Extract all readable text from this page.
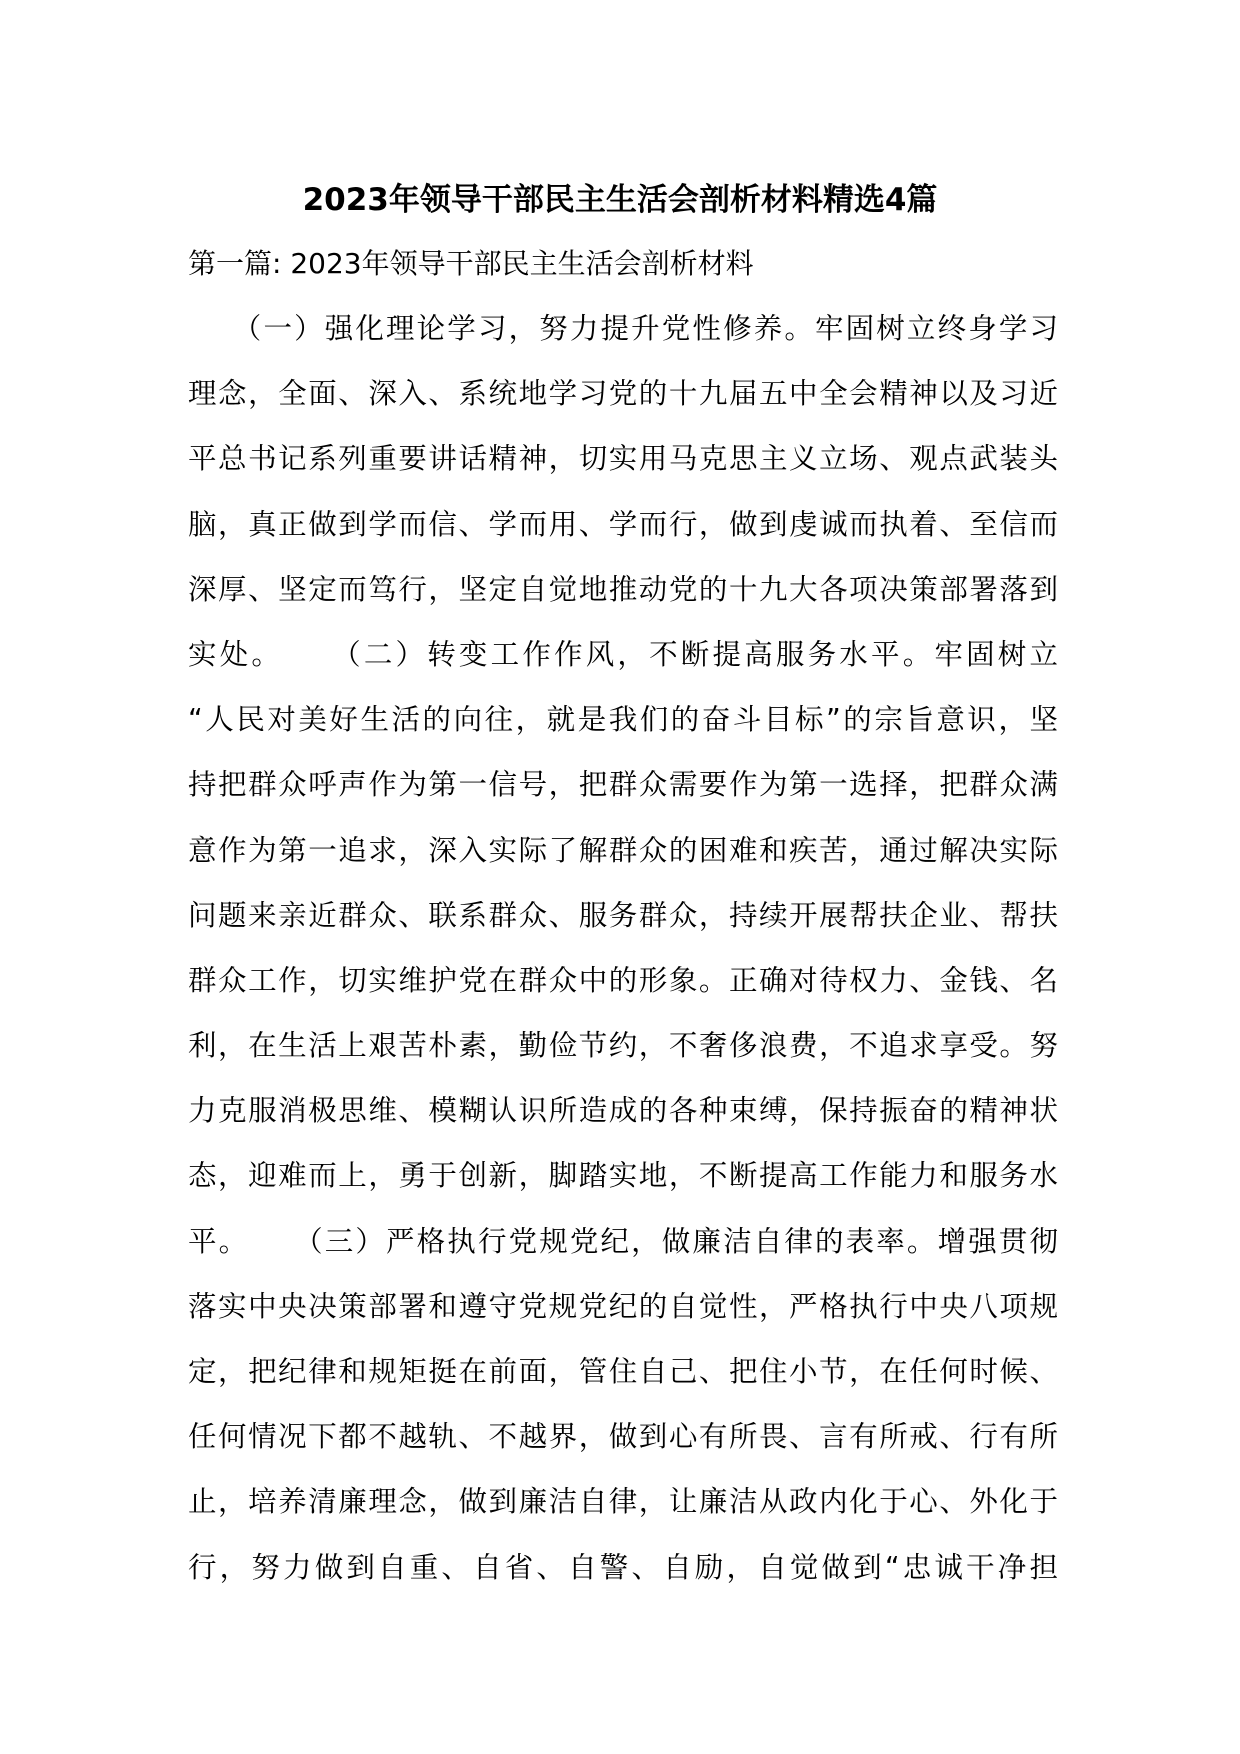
2023年领导干部民主生活会剖析材料精选4篇
第一篇: 2023年领导干部民主生活会剖析材料
（一）强化理论学习，努力提升党性修养。牢固树立终身学习
理念，全面、深入、系统地学习党的十九届五中全会精神以及习近
平总书记系列重要讲话精神，切实用马克思主义立场、观点武装头
脑，真正做到学而信、学而用、学而行，做到虔诚而执着、至信而
深厚、坚定而笃行，坚定自觉地推动党的十九大各项决策部署落到
实处。    （二）转变工作作风，不断提高服务水平。牢固树立
“人民对美好生活的向往，就是我们的奋斗目标”的宗旨意识，坚
持把群众呼声作为第一信号，把群众需要作为第一选择，把群众满
意作为第一追求，深入实际了解群众的困难和疾苦，通过解决实际
问题来亲近群众、联系群众、服务群众，持续开展帮扶企业、帮扶
群众工作，切实维护党在群众中的形象。正确对待权力、金钱、名
利，在生活上艰苦朴素，勤俭节约，不奢侈浪费，不追求享受。努
力克服消极思维、模糊认识所造成的各种束缚，保持振奋的精神状
态，迎难而上，勇于创新，脚踏实地，不断提高工作能力和服务水
平。    （三）严格执行党规党纪，做廉洁自律的表率。增强贯彻
落实中央决策部署和遵守党规党纪的自觉性，严格执行中央八项规
定，把纪律和规矩挺在前面，管住自己、把住小节，在任何时候、
任何情况下都不越轨、不越界，做到心有所畏、言有所戒、行有所
止，培养清廉理念，做到廉洁自律，让廉洁从政内化于心、外化于
行，努力做到自重、自省、自警、自励，自觉做到“忠诚干净担
